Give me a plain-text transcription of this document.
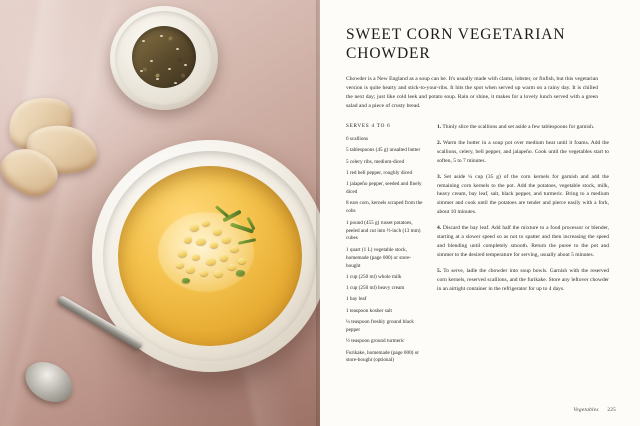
SWEET CORN VEGETARIAN CHOWDER

Chowder is a New England as a soup can be. It's usually made with clams, lobster, or finfish, but this vegetarian version is quite hearty and stick-to-your-ribs. It hits the spot when served up warm on a rainy day. It is chilled the next day; just like cold leek and potato soup. Rain or shine, it makes for a lovely lunch served with a green salad and a piece of crusty bread.

SERVES 4 TO 6
6 scallions
5 tablespoons (45 g) unsalted butter
5 celery ribs, medium-diced
1 red bell pepper, roughly diced
1 jalapeño pepper, seeded and finely diced
8 ears corn, kernels scraped from the cobs
1 pound (455 g) russet potatoes, peeled and cut into ½-inch (13 mm) cubes
1 quart (1 L) vegetable stock, homemade (page 000) or store-bought
1 cup (250 ml) whole milk
1 cup (250 ml) heavy cream
1 bay leaf
1 teaspoon kosher salt
¼ teaspoon freshly ground black pepper
½ teaspoon ground turmeric
Furikake, homemade (page 000) or store-bought (optional)

1. Thinly slice the scallions and set aside a few tablespoons for garnish.

2. Warm the butter in a soup pot over medium heat until it foams. Add the scallions, celery, bell pepper, and jalapeño. Cook until the vegetables start to soften, 5 to 7 minutes.

3. Set aside ¼ cup (35 g) of the corn kernels for garnish and add the remaining corn kernels to the pot. Add the potatoes, vegetable stock, milk, heavy cream, bay leaf, salt, black pepper, and turmeric. Bring to a medium simmer and cook until the potatoes are tender and pierce easily with a fork, about 10 minutes.

4. Discard the bay leaf. Add half the mixture to a food processor or blender, starting at a slower speed so as not to spatter and then increasing the speed and blending until completely smooth. Return the puree to the pot and simmer to the desired temperature for serving, usually about 5 minutes.

5. To serve, ladle the chowder into soup bowls. Garnish with the reserved corn kernels, reserved scallions, and the furikake. Store any leftover chowder in an airtight container in the refrigerator for up to 4 days.

Vegetables 225
